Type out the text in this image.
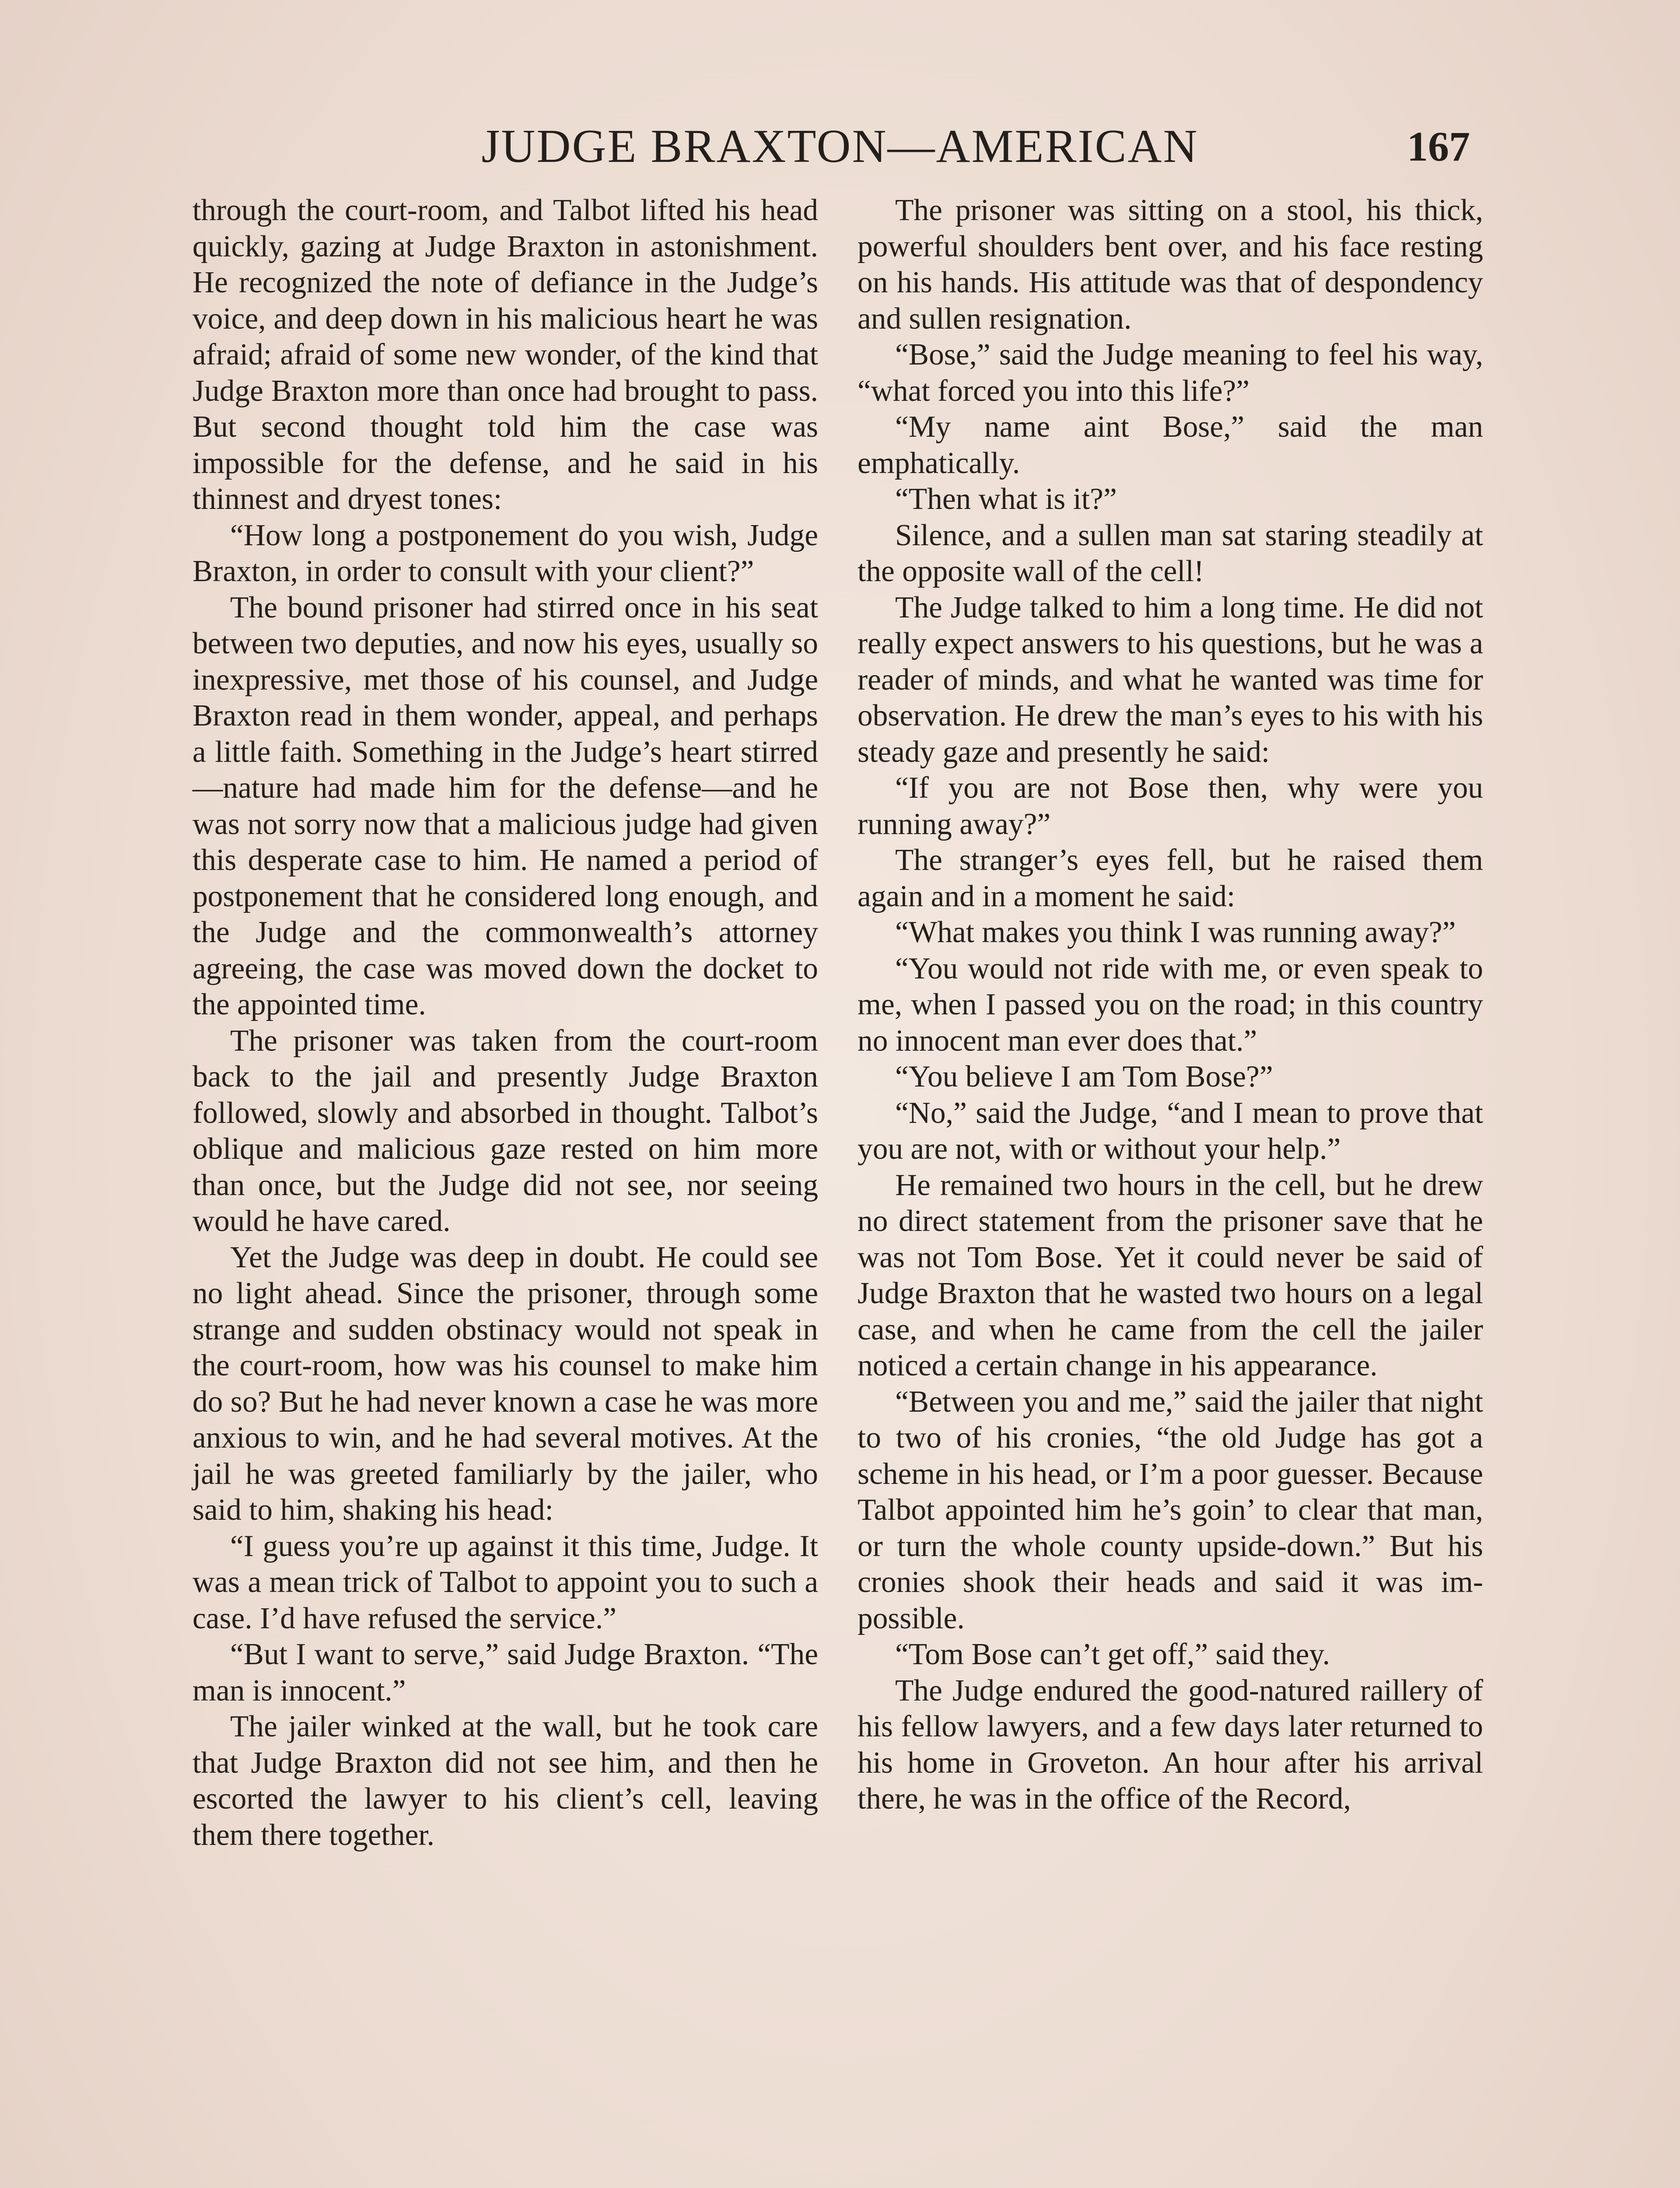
JUDGE BRAXTON—AMERICAN	167

through the court-room, and Talbot lifted his head quickly, gazing at Judge Braxton in astonishment. He recognized the note of defiance in the Judge’s voice, and deep down in his malicious heart he was afraid; afraid of some new wonder, of the kind that Judge Braxton more than once had brought to pass. But second thought told him the case was impossible for the defense, and he said in his thinnest and dryest tones:

“How long a postponement do you wish, Judge Braxton, in order to consult with your client?”

The bound prisoner had stirred once in his seat between two deputies, and now his eyes, usually so inexpressive, met those of his counsel, and Judge Braxton read in them wonder, appeal, and perhaps a little faith. Something in the Judge’s heart stirred—nature had made him for the defense—and he was not sorry now that a malicious judge had given this desperate case to him. He named a period of postponement that he considered long enough, and the Judge and the commonwealth’s attorney agreeing, the case was moved down the docket to the appointed time.

The prisoner was taken from the court-room back to the jail and presently Judge Braxton followed, slowly and absorbed in thought. Talbot’s oblique and malicious gaze rested on him more than once, but the Judge did not see, nor seeing would he have cared.

Yet the Judge was deep in doubt. He could see no light ahead. Since the prisoner, through some strange and sudden obstinacy would not speak in the court-room, how was his counsel to make him do so? But he had never known a case he was more anxious to win, and he had several motives. At the jail he was greeted familiarly by the jailer, who said to him, shaking his head:

“I guess you’re up against it this time, Judge. It was a mean trick of Talbot to appoint you to such a case. I’d have refused the service.”

“But I want to serve,” said Judge Braxton. “The man is innocent.”

The jailer winked at the wall, but he took care that Judge Braxton did not see him, and then he escorted the lawyer to his client’s cell, leaving them there together.

The prisoner was sitting on a stool, his thick, powerful shoulders bent over, and his face resting on his hands. His attitude was that of despondency and sullen resignation.

“Bose,” said the Judge meaning to feel his way, “what forced you into this life?”

“My name aint Bose,” said the man emphatically.

“Then what is it?”

Silence, and a sullen man sat staring steadily at the opposite wall of the cell!

The Judge talked to him a long time. He did not really expect answers to his questions, but he was a reader of minds, and what he wanted was time for observation. He drew the man’s eyes to his with his steady gaze and presently he said:

“If you are not Bose then, why were you running away?”

The stranger’s eyes fell, but he raised them again and in a moment he said:

“What makes you think I was running away?”

“You would not ride with me, or even speak to me, when I passed you on the road; in this country no innocent man ever does that.”

“You believe I am Tom Bose?”

“No,” said the Judge, “and I mean to prove that you are not, with or without your help.”

He remained two hours in the cell, but he drew no direct statement from the prisoner save that he was not Tom Bose. Yet it could never be said of Judge Braxton that he wasted two hours on a legal case, and when he came from the cell the jailer noticed a certain change in his appearance.

“Between you and me,” said the jailer that night to two of his cronies, “the old Judge has got a scheme in his head, or I’m a poor guesser. Because Talbot appointed him he’s goin’ to clear that man, or turn the whole county upside-down.” But his cronies shook their heads and said it was impossible.

“Tom Bose can’t get off,” said they.

The Judge endured the good-natured raillery of his fellow lawyers, and a few days later returned to his home in Groveton. An hour after his arrival there, he was in the office of the Record,
